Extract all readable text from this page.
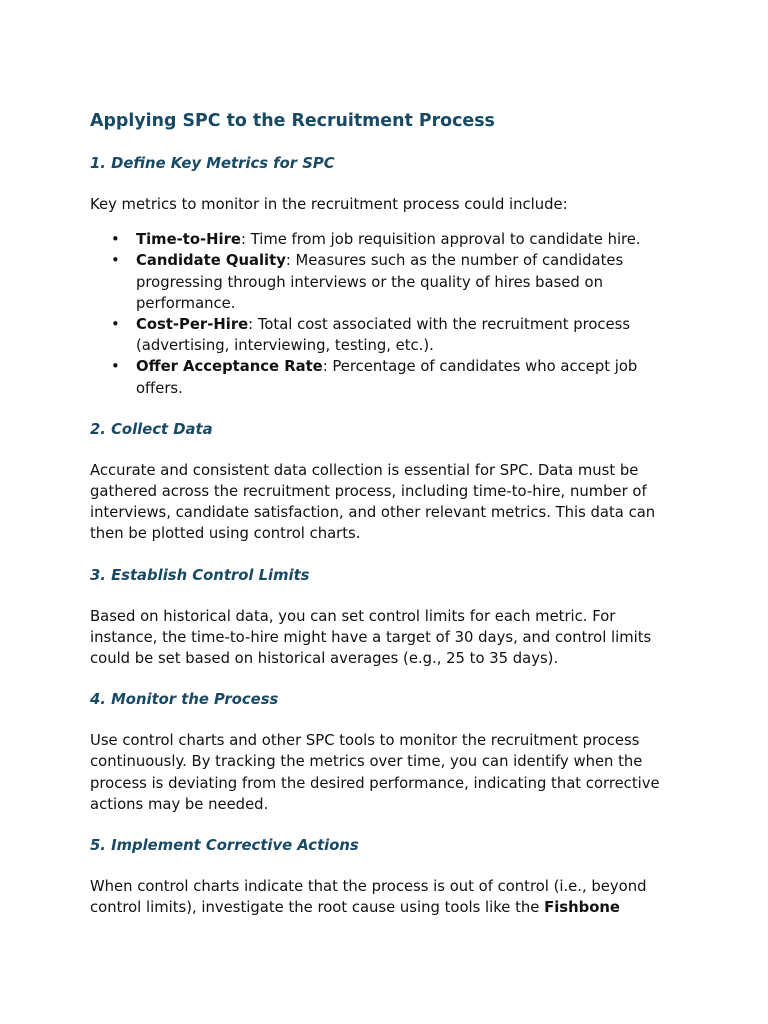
Applying SPC to the Recruitment Process
1. Define Key Metrics for SPC

Key metrics to monitor in the recruitment process could include:

• Time-to-Hire: Time from job requisition approval to candidate hire.
• Candidate Quality: Measures such as the number of candidates progressing through interviews or the quality of hires based on performance.
• Cost-Per-Hire: Total cost associated with the recruitment process (advertising, interviewing, testing, etc.).
• Offer Acceptance Rate: Percentage of candidates who accept job offers.
2. Collect Data

Accurate and consistent data collection is essential for SPC. Data must be gathered across the recruitment process, including time-to-hire, number of interviews, candidate satisfaction, and other relevant metrics. This data can then be plotted using control charts.

3. Establish Control Limits

Based on historical data, you can set control limits for each metric. For instance, the time-to-hire might have a target of 30 days, and control limits could be set based on historical averages (e.g., 25 to 35 days).

4. Monitor the Process

Use control charts and other SPC tools to monitor the recruitment process continuously. By tracking the metrics over time, you can identify when the process is deviating from the desired performance, indicating that corrective actions may be needed.

5. Implement Corrective Actions

When control charts indicate that the process is out of control (i.e., beyond control limits), investigate the root cause using tools like the Fishbone
